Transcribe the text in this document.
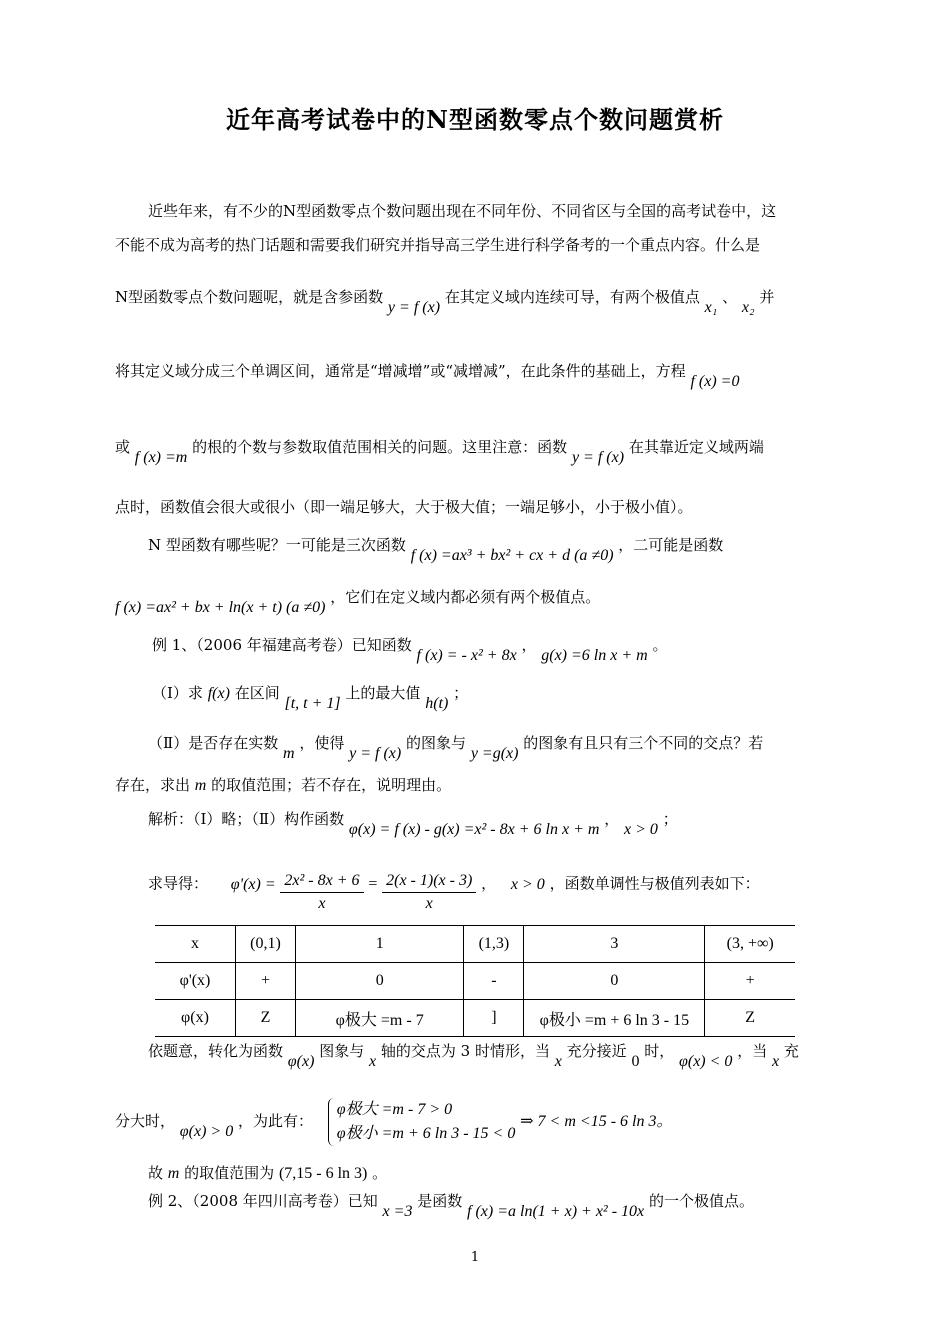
近年高考试卷中的N型函数零点个数问题赏析
近些年来，有不少的N型函数零点个数问题出现在不同年份、不同省区与全国的高考试卷中，这
不能不成为高考的热门话题和需要我们研究并指导高三学生进行科学备考的一个重点内容。什么是
N型函数零点个数问题呢，就是含参函数 y = f (x) 在其定义域内连续可导，有两个极值点 x₁ 、 x₂ 并
将其定义域分成三个单调区间，通常是“增减增”或“减增减”，在此条件的基础上，方程 f (x) =0
或 f (x) =m 的根的个数与参数取值范围相关的问题。这里注意：函数 y = f (x) 在其靠近定义域两端
点时，函数值会很大或很小（即一端足够大，大于极大值；一端足够小，小于极小值）。
N 型函数有哪些呢？一可能是三次函数 f (x) =ax³ + bx² + cx + d (a ≠0) ，二可能是函数
f (x) =ax² + bx + ln(x + t) (a ≠0) ，它们在定义域内都必须有两个极值点。
例 1、（2006 年福建高考卷）已知函数 f (x) = - x² + 8x ， g(x) =6 ln x + m 。
（Ⅰ）求 f(x) 在区间 [t, t + 1] 上的最大值 h(t) ；
（Ⅱ）是否存在实数 m ，使得 y = f (x) 的图象与 y =g(x) 的图象有且只有三个不同的交点？若
存在，求出 m 的取值范围；若不存在，说明理由。
解析：（Ⅰ）略；（Ⅱ）构作函数 φ(x) = f (x) - g(x) =x² - 8x + 6 ln x + m ， x > 0 ；
求导得： $\varphi'(x) = \frac{\text{2x² - 8x + 6}}{x} = \frac{2(x - 1)(x - 3)}{x}$ ， x > 0 ，函数单调性与极值列表如下：
x	(0,1)	1	(1,3)	3	(3, +∞)
φ'(x)	+	0	-	0	+
φ(x)	Z	φ极大 =m - 7	]	φ极小 =m + 6 ln 3 - 15	Z
依题意，转化为函数 φ(x) 图象与 x 轴的交点为 3 时情形，当 x 充分接近 0 时， φ(x) < 0 ，当 x 充
分大时， φ(x) > 0 ，为此有：
φ极大 =m - 7 > 0
φ极小 =m + 6 ln 3 - 15 < 0
⇒ 7 < m <15 - 6 ln 3。
故 m 的取值范围为 (7,15 - 6 ln 3) 。
例 2、（2008 年四川高考卷）已知 x =3 是函数 f (x) =a ln(1 + x) + x² - 10x 的一个极值点。
1
